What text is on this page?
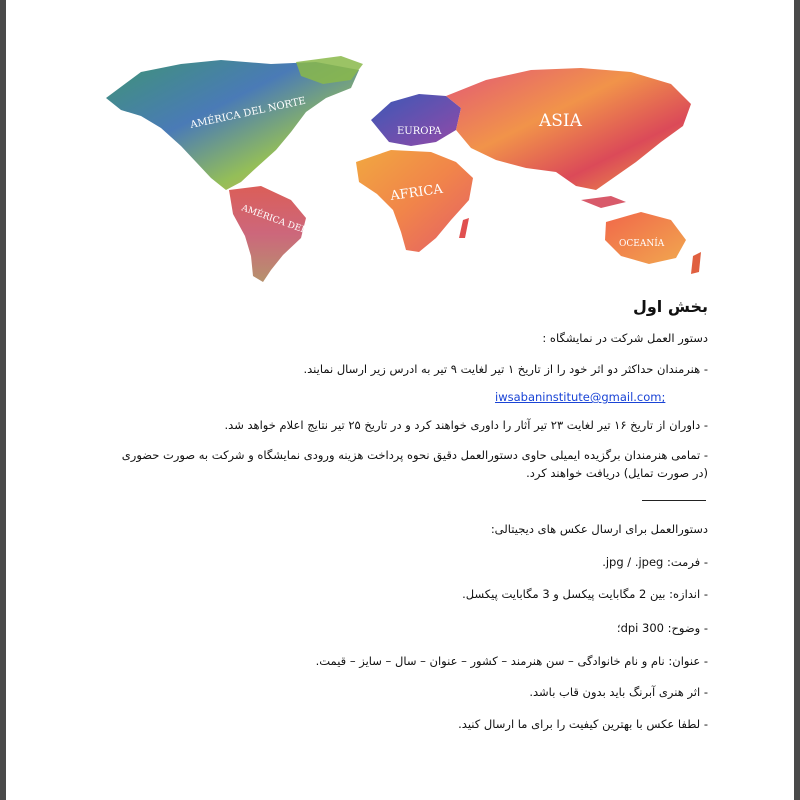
AMÉRICA DEL NORTE
AMÉRICA DEL SUR
EUROPA
ASIA
AFRICA
OCEANÍA
بخش اول
دستور العمل شرکت در نمایشگاه :
- هنرمندان حداکثر دو اثر خود را از تاریخ ۱ تیر لغایت ۹ تیر به ادرس زیر ارسال نمایند.
iwsabaninstitute@gmail.com;
- داوران از تاریخ ۱۶ تیر لغایت ۲۳ تیر آثار را داوری خواهند کرد و در تاریخ ۲۵ تیر نتایج اعلام خواهد شد.
- تمامی هنرمندان برگزیده ایمیلی حاوی دستورالعمل دقیق نحوه پرداخت هزینه ورودی نمایشگاه و شرکت به صورت حضوری (در صورت تمایل) دریافت خواهند کرد.
دستورالعمل برای ارسال عکس های دیجیتالی:
- فرمت: jpg / .jpeg.
- اندازه: بین 2 مگابایت پیکسل و 3 مگابایت پیکسل.
- وضوح: 300 dpi؛
- عنوان: نام و نام خانوادگی – سن هنرمند – کشور – عنوان – سال – سایز – قیمت.
- اثر هنری آبرنگ باید بدون قاب باشد.
- لطفا عکس با بهترین کیفیت را برای ما ارسال کنید.
